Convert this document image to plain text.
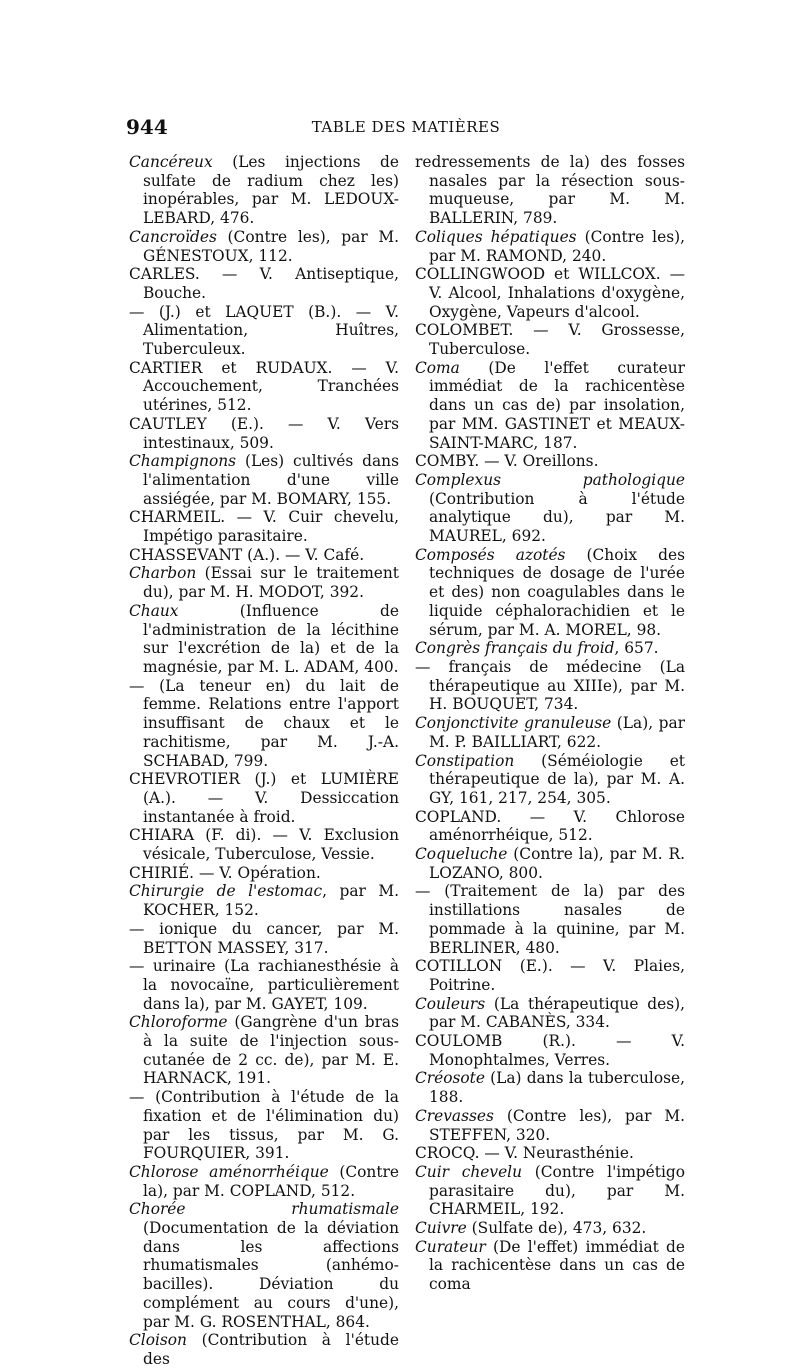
944	TABLE DES MATIÈRES

Cancéreux (Les injections de sulfate de radium chez les) inopérables, par M. LEDOUX-LEBARD, 476.

Cancroïdes (Contre les), par M. GÉNESTOUX, 112.

CARLES. — V. Antiseptique, Bouche.

— (J.) et LAQUET (B.). — V. Alimentation, Huîtres, Tuberculeux.

CARTIER et RUDAUX. — V. Accouchement, Tranchées utérines, 512.

CAUTLEY (E.). — V. Vers intestinaux, 509.

Champignons (Les) cultivés dans l'alimentation d'une ville assiégée, par M. BOMARY, 155.

CHARMEIL. — V. Cuir chevelu, Impétigo parasitaire.

CHASSEVANT (A.). — V. Café.

Charbon (Essai sur le traitement du), par M. H. MODOT, 392.

Chaux (Influence de l'administration de la lécithine sur l'excrétion de la) et de la magnésie, par M. L. ADAM, 400.

— (La teneur en) du lait de femme. Relations entre l'apport insuffisant de chaux et le rachitisme, par M. J.-A. SCHABAD, 799.

CHEVROTIER (J.) et LUMIÈRE (A.). — V. Dessiccation instantanée à froid.

CHIARA (F. di). — V. Exclusion vésicale, Tuberculose, Vessie.

CHIRIÉ. — V. Opération.

Chirurgie de l'estomac, par M. KOCHER, 152.

— ionique du cancer, par M. BETTON MASSEY, 317.

— urinaire (La rachianesthésie à la novocaïne, particulièrement dans la), par M. GAYET, 109.

Chloroforme (Gangrène d'un bras à la suite de l'injection sous-cutanée de 2 cc. de), par M. E. HARNACK, 191.

— (Contribution à l'étude de la fixation et de l'élimination du) par les tissus, par M. G. FOURQUIER, 391.

Chlorose aménorrhéique (Contre la), par M. COPLAND, 512.

Chorée rhumatismale (Documentation de la déviation dans les affections rhumatismales (anhémo-bacilles). Déviation du complément au cours d'une), par M. G. ROSENTHAL, 864.

Cloison (Contribution à l'étude des

redressements de la) des fosses nasales par la résection sous-muqueuse, par M. M. BALLERIN, 789.

Coliques hépatiques (Contre les), par M. RAMOND, 240.

COLLINGWOOD et WILLCOX. — V. Alcool, Inhalations d'oxygène, Oxygène, Vapeurs d'alcool.

COLOMBET. — V. Grossesse, Tuberculose.

Coma (De l'effet curateur immédiat de la rachicentèse dans un cas de) par insolation, par MM. GASTINET et MEAUX-SAINT-MARC, 187.

COMBY. — V. Oreillons.

Complexus pathologique (Contribution à l'étude analytique du), par M. MAUREL, 692.

Composés azotés (Choix des techniques de dosage de l'urée et des) non coagulables dans le liquide céphalorachidien et le sérum, par M. A. MOREL, 98.

Congrès français du froid, 657.

— français de médecine (La thérapeutique au XIIIe), par M. H. BOUQUET, 734.

Conjonctivite granuleuse (La), par M. P. BAILLIART, 622.

Constipation (Séméiologie et thérapeutique de la), par M. A. GY, 161, 217, 254, 305.

COPLAND. — V. Chlorose aménorrhéique, 512.

Coqueluche (Contre la), par M. R. LOZANO, 800.

— (Traitement de la) par des instillations nasales de pommade à la quinine, par M. BERLINER, 480.

COTILLON (E.). — V. Plaies, Poitrine.

Couleurs (La thérapeutique des), par M. CABANÈS, 334.

COULOMB (R.). — V. Monophtalmes, Verres.

Créosote (La) dans la tuberculose, 188.

Crevasses (Contre les), par M. STEFFEN, 320.

CROCQ. — V. Neurasthénie.

Cuir chevelu (Contre l'impétigo parasitaire du), par M. CHARMEIL, 192.

Cuivre (Sulfate de), 473, 632.

Curateur (De l'effet) immédiat de la rachicentèse dans un cas de coma
